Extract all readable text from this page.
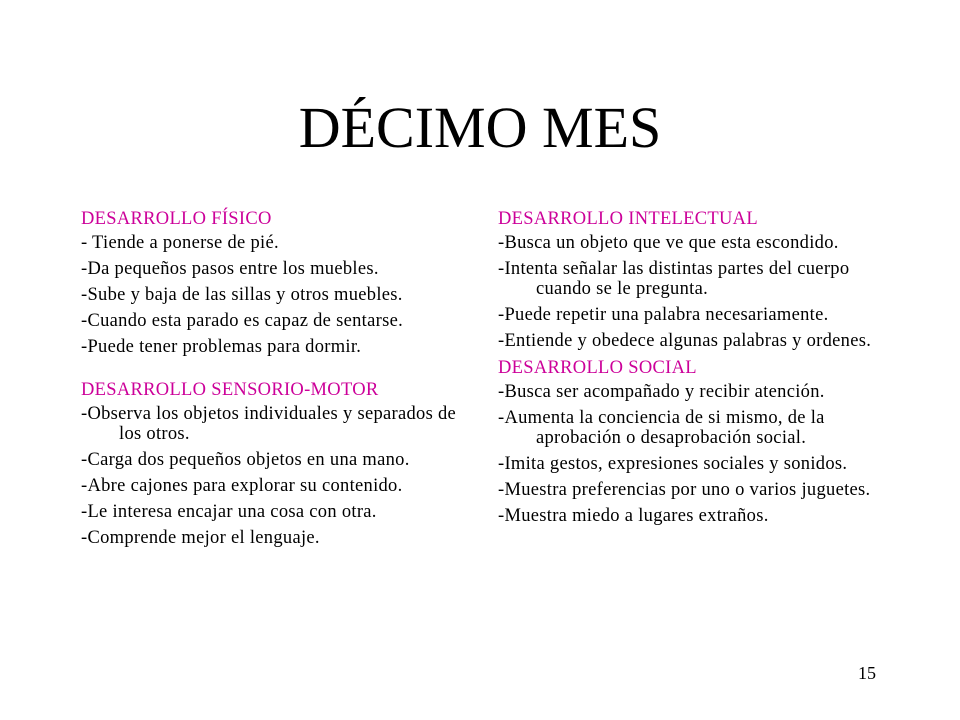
DÉCIMO MES
DESARROLLO FÍSICO
- Tiende a ponerse de pié.
-Da pequeños pasos entre los muebles.
-Sube y baja de las sillas y otros muebles.
-Cuando esta parado es capaz de sentarse.
-Puede tener problemas para dormir.
DESARROLLO SENSORIO-MOTOR
-Observa los objetos individuales y separados de los otros.
-Carga dos pequeños objetos en una mano.
-Abre cajones para explorar su contenido.
-Le interesa encajar una cosa con otra.
-Comprende mejor el lenguaje.
DESARROLLO INTELECTUAL
-Busca un objeto que ve que esta escondido.
-Intenta señalar las distintas partes del cuerpo cuando se le pregunta.
-Puede repetir una palabra necesariamente.
-Entiende y obedece algunas palabras y ordenes.
DESARROLLO SOCIAL
-Busca ser acompañado y recibir atención.
-Aumenta la conciencia de si mismo, de la aprobación o desaprobación social.
-Imita gestos, expresiones sociales y sonidos.
-Muestra preferencias por uno o varios juguetes.
-Muestra miedo a lugares extraños.
15
